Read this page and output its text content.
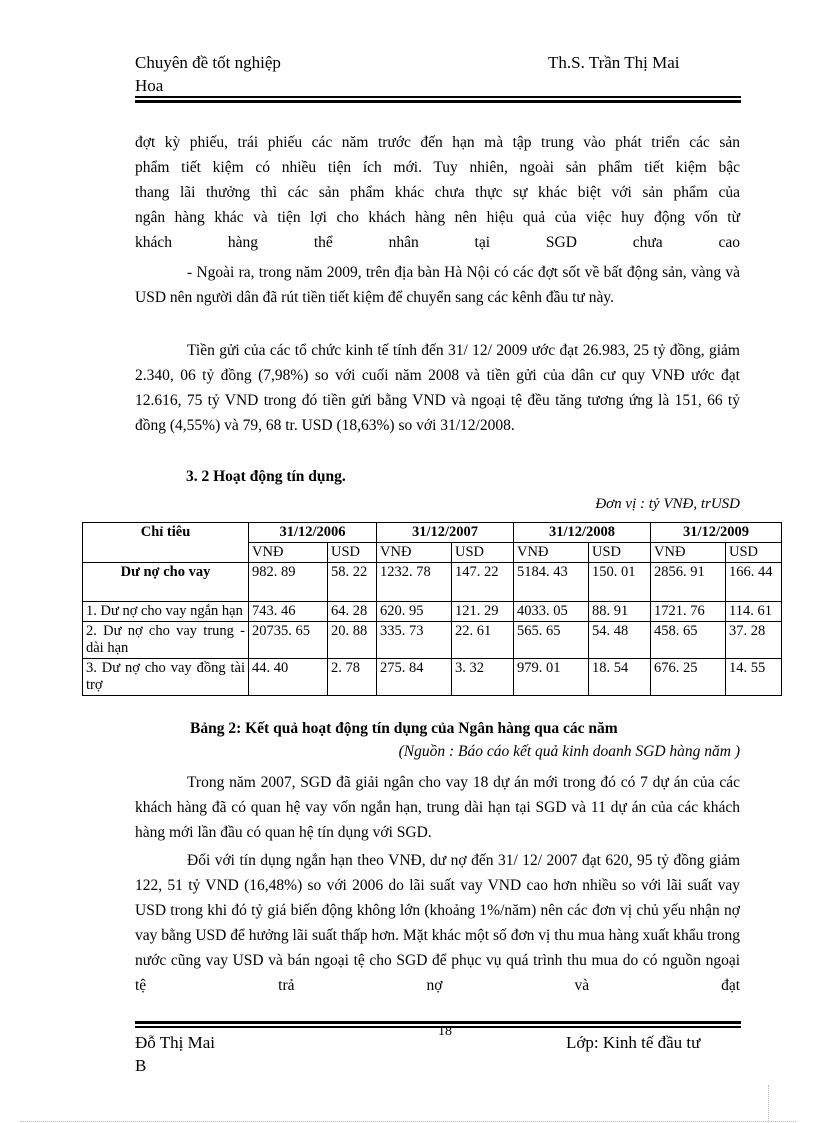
Chuyên đề tốt nghiệp
Hoa
Th.S. Trần Thị Mai

đợt kỳ phiếu, trái phiếu các năm trước đến hạn mà tập trung vào phát triển các sản

phẩm tiết kiệm có nhiều tiện ích mới. Tuy nhiên, ngoài sản phẩm tiết kiệm bậc

thang lãi thưởng thì các sản phẩm khác chưa thực sự khác biệt với sản phẩm của

ngân hàng khác và tiện lợi cho khách hàng nên hiệu quả của việc huy động vốn từ

khách hàng thể nhân tại SGD chưa cao

- Ngoài ra, trong năm 2009, trên địa bàn Hà Nội có các đợt sốt về bất động sản, vàng và USD nên người dân đã rút tiền tiết kiệm để chuyển sang các kênh đầu tư này.

Tiền gửi của các tổ chức kinh tế tính đến 31/ 12/ 2009 ước đạt 26.983, 25 tỷ đồng, giảm 2.340, 06 tỷ đồng (7,98%) so với cuối năm 2008 và tiền gửi của dân cư quy VNĐ ước đạt 12.616, 75 tỷ VND trong đó tiền gửi bằng VND và ngoại tệ đều tăng tương ứng là 151, 66 tỷ đồng (4,55%) và 79, 68 tr. USD (18,63%) so với 31/12/2008.

3. 2 Hoạt động tín dụng.
Đơn vị : tỷ VNĐ, trUSD
Chỉ tiêu	31/12/2006		31/12/2007		31/12/2008		31/12/2009	
	VNĐ	USD	VNĐ	USD	VNĐ	USD	VNĐ	USD
Dư nợ cho vay	982. 89	58. 22	1232. 78	147. 22	5184. 43	150. 01	2856. 91	166. 44
1. Dư nợ cho vay ngắn hạn	743. 46	64. 28	620. 95	121. 29	4033. 05	88. 91	1721. 76	114. 61
2. Dư nợ cho vay trung - dài hạn	20735. 65	20. 88	335. 73	22. 61	565. 65	54. 48	458. 65	37. 28
3. Dư nợ cho vay đồng tài trợ	44. 40	2. 78	275. 84	3. 32	979. 01	18. 54	676. 25	14. 55
Bảng 2: Kết quả hoạt động tín dụng của Ngân hàng qua các năm
(Nguồn : Báo cáo kết quả kinh doanh SGD hàng năm )

Trong năm 2007, SGD đã giải ngân cho vay 18 dự án mới trong đó có 7 dự án của các khách hàng đã có quan hệ vay vốn ngắn hạn, trung dài hạn tại SGD và 11 dự án của các khách hàng mới lần đầu có quan hệ tín dụng với SGD.

Đối với tín dụng ngắn hạn theo VNĐ, dư nợ đến 31/ 12/ 2007 đạt 620, 95 tỷ đồng giảm 122, 51 tỷ VND (16,48%) so với 2006 do lãi suất vay VND cao hơn nhiều so với lãi suất vay USD trong khi đó tỷ giá biến động không lớn (khoảng 1%/năm) nên các đơn vị chủ yếu nhận nợ vay bằng USD để hưởng lãi suất thấp hơn. Mặt khác một số đơn vị thu mua hàng xuất khẩu trong nước cũng vay USD và bán ngoại tệ cho SGD để phục vụ quá trình thu mua do có nguồn ngoại tệ trả nợ và đạt

18
Đỗ Thị Mai
B
Lớp: Kinh tế đầu tư
